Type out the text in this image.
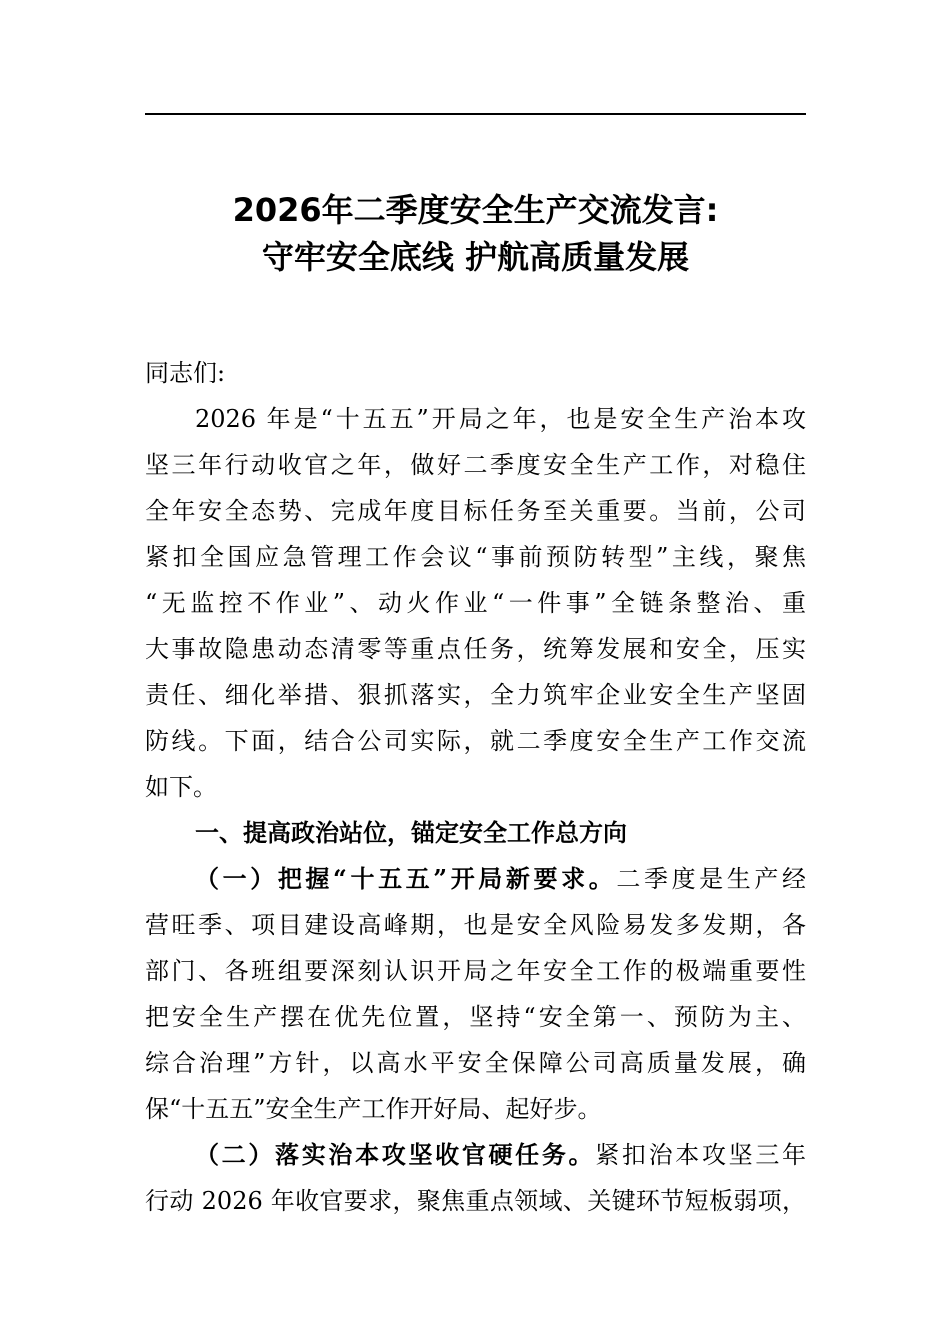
2026年二季度安全生产交流发言:
守牢安全底线 护航高质量发展
同志们:
2026 年是“十五五”开局之年，也是安全生产治本攻
坚三年行动收官之年，做好二季度安全生产工作，对稳住
全年安全态势、完成年度目标任务至关重要。当前，公司
紧扣全国应急管理工作会议“事前预防转型”主线，聚焦
“无监控不作业”、动火作业“一件事”全链条整治、重
大事故隐患动态清零等重点任务，统筹发展和安全，压实
责任、细化举措、狠抓落实，全力筑牢企业安全生产坚固
防线。下面，结合公司实际，就二季度安全生产工作交流
如下。
一、提高政治站位，锚定安全工作总方向
（一）把握“十五五”开局新要求。二季度是生产经
营旺季、项目建设高峰期，也是安全风险易发多发期，各
部门、各班组要深刻认识开局之年安全工作的极端重要性
把安全生产摆在优先位置，坚持“安全第一、预防为主、
综合治理”方针，以高水平安全保障公司高质量发展，确
保“十五五”安全生产工作开好局、起好步。
（二）落实治本攻坚收官硬任务。紧扣治本攻坚三年
行动 2026 年收官要求，聚焦重点领域、关键环节短板弱项，
